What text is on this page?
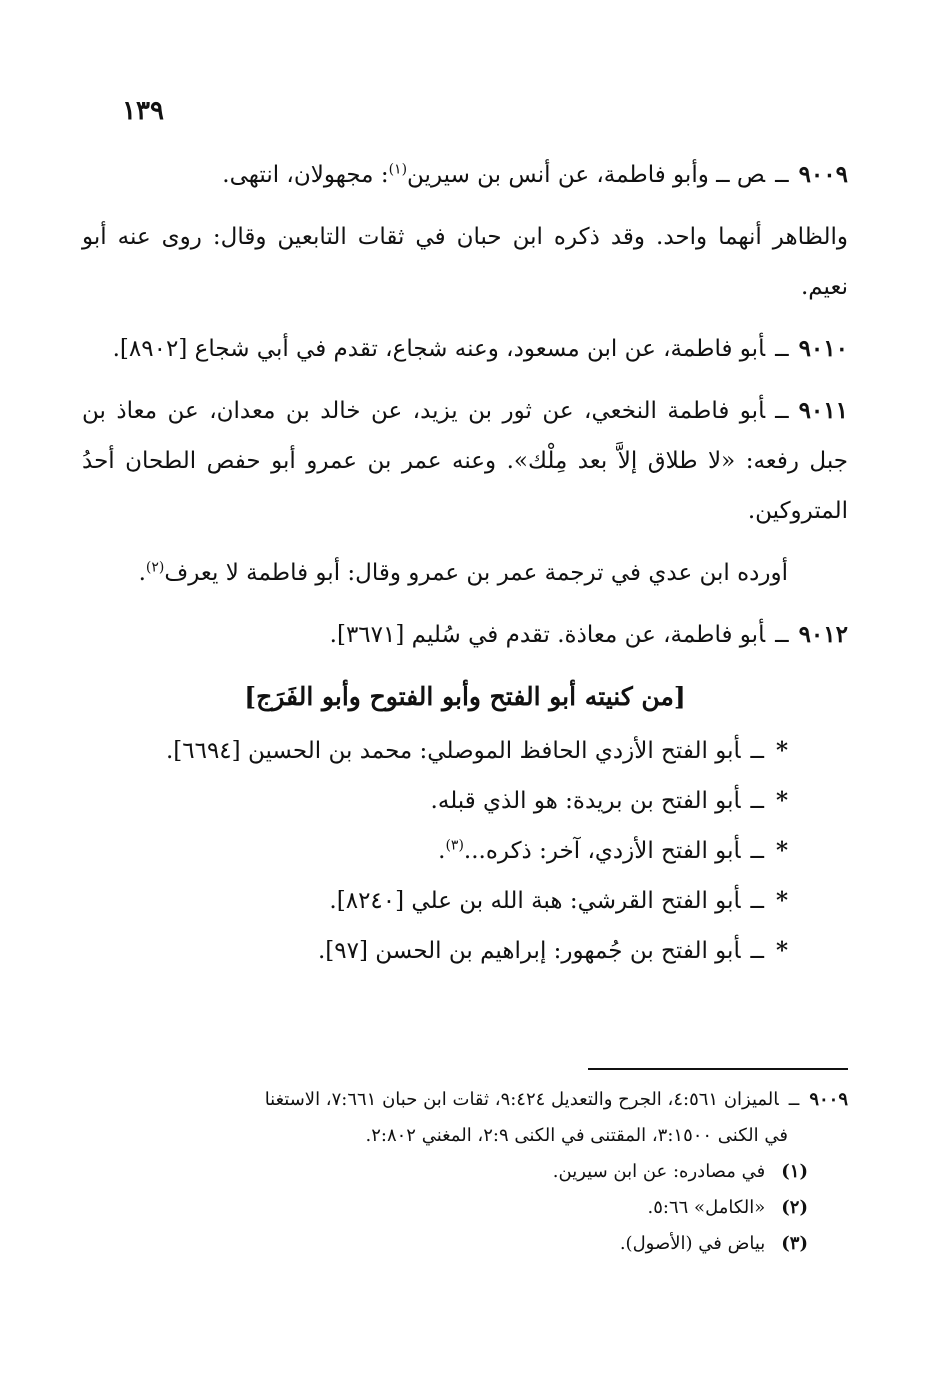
١٣٩

٩٠٠٩ــص ــ وأبو فاطمة، عن أنس بن سيرين$^{(١)}$: مجهولان، انتهى.

والظاهر أنهما واحد. وقد ذكره ابن حبان في ثقات التابعين وقال: روى عنه أبو نعيم.

٩٠١٠ــأبو فاطمة، عن ابن مسعود، وعنه شجاع، تقدم في أبي شجاع [٨٩٠٢].

٩٠١١ــأبو فاطمة النخعي، عن ثور بن يزيد، عن خالد بن معدان، عن معاذ بن جبل رفعه: «لا طلاق إلاَّ بعد مِلْك». وعنه عمر بن عمرو أبو حفص الطحان أحدُ المتروكين.

أورده ابن عدي في ترجمة عمر بن عمرو وقال: أبو فاطمة لا يعرف$^{(٢)}$.

٩٠١٢ــأبو فاطمة، عن معاذة. تقدم في سُليم [٣٦٧١].

[من كنيته أبو الفتح وأبو الفتوح وأبو الفَرَج]

*ــأبو الفتح الأزدي الحافظ الموصلي: محمد بن الحسين [٦٦٩٤].

*ــأبو الفتح بن بريدة: هو الذي قبله.

*ــأبو الفتح الأزدي، آخر: ذكره...$^{(٣)}$.

*ــأبو الفتح القرشي: هبة الله بن علي [٨٢٤٠].

*ــأبو الفتح بن جُمهور: إبراهيم بن الحسن [٩٧].

٩٠٠٩ــالميزان ٤:٥٦١، الجرح والتعديل ٩:٤٢٤، ثقات ابن حبان ٧:٦٦١، الاستغنا
في الكنى ٣:١٥٠٠، المقتنى في الكنى ٢:٩، المغني ٢:٨٠٢.
(١)في مصادره: عن ابن سيرين.
(٢)«الكامل» ٥:٦٦.
(٣)بياض في (الأصول).
